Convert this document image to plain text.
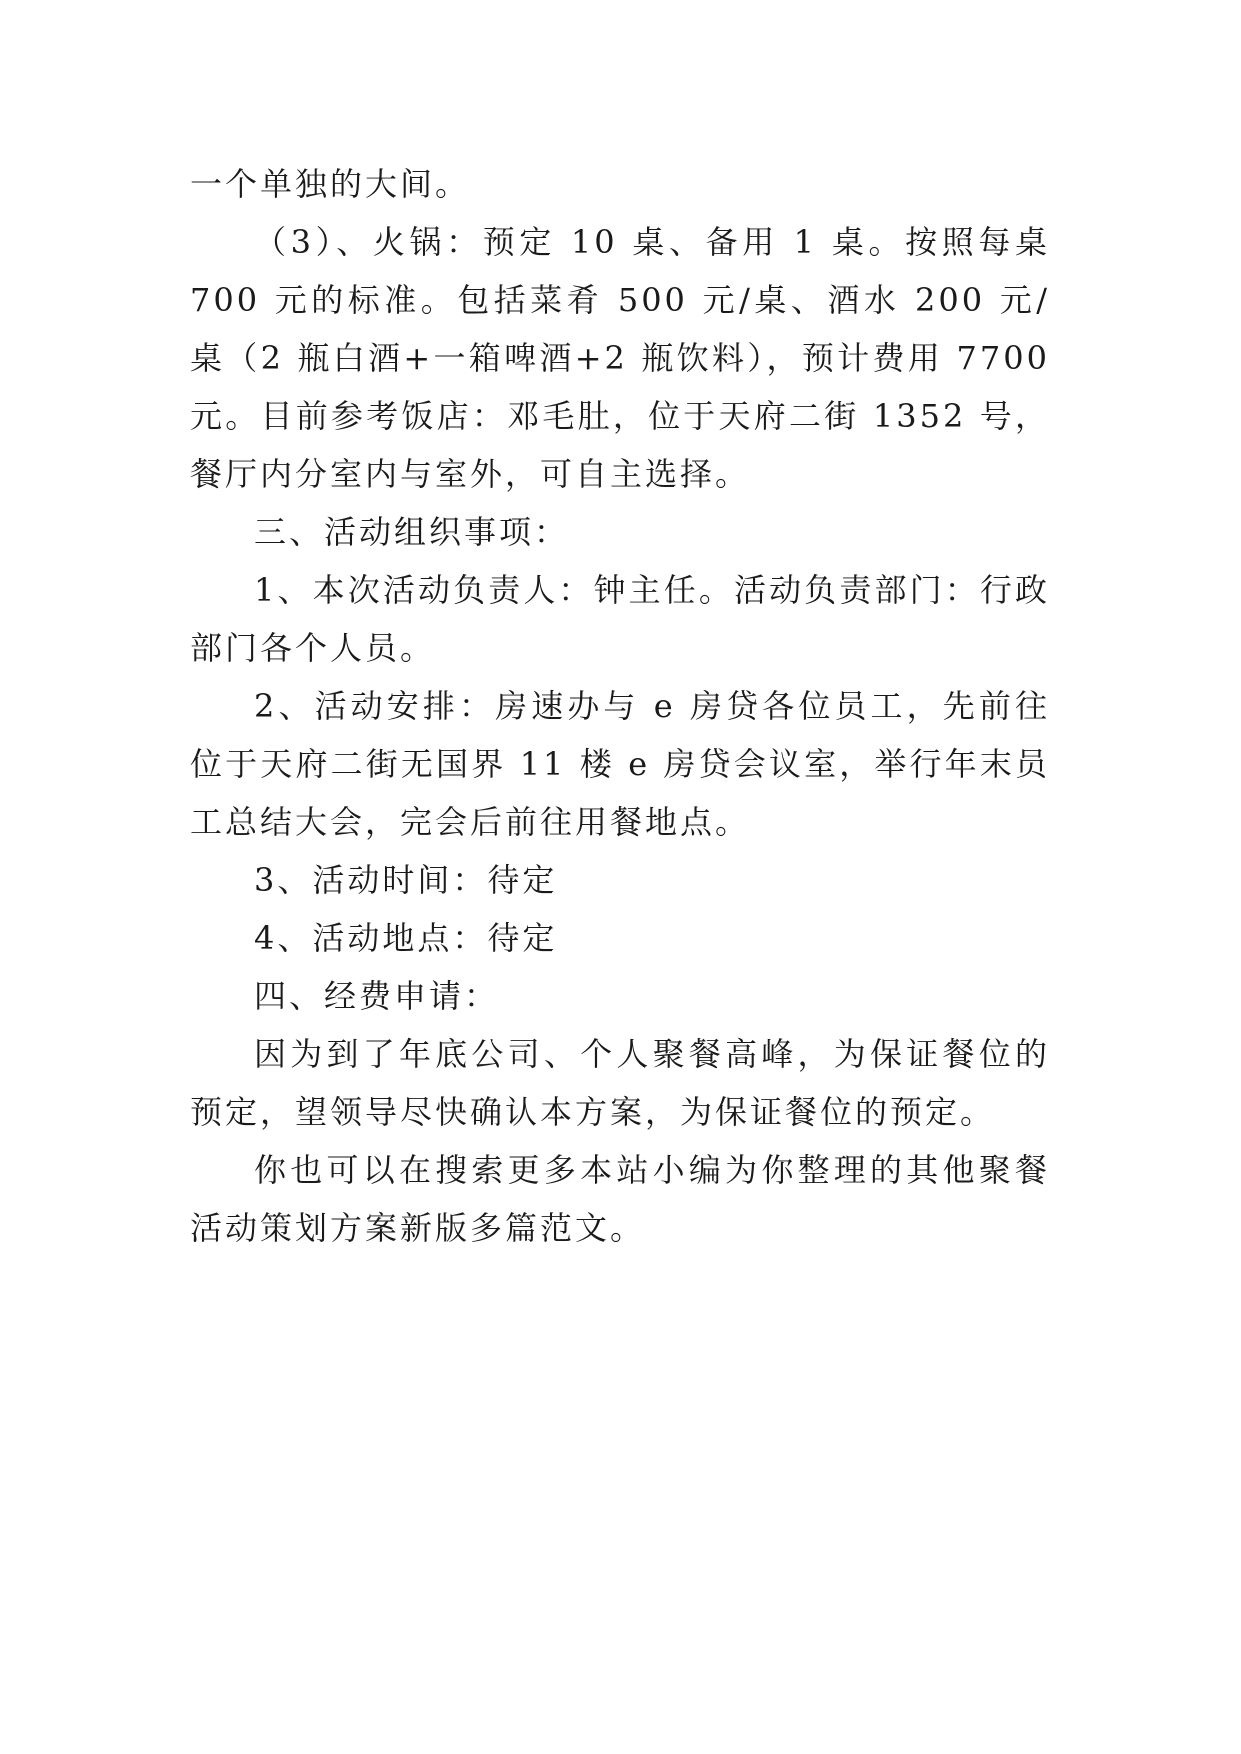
一个单独的大间。

（3）、火锅：预定 10 桌、备用 1 桌。按照每桌 700 元的标准。包括菜肴 500 元/桌、酒水 200 元/桌（2 瓶白酒+一箱啤酒+2 瓶饮料），预计费用 7700 元。目前参考饭店：邓毛肚，位于天府二街 1352 号，餐厅内分室内与室外，可自主选择。

三、活动组织事项：

1、本次活动负责人：钟主任。活动负责部门：行政部门各个人员。

2、活动安排：房速办与 e 房贷各位员工，先前往位于天府二街无国界 11 楼 e 房贷会议室，举行年末员工总结大会，完会后前往用餐地点。

3、活动时间：待定

4、活动地点：待定

四、经费申请：

因为到了年底公司、个人聚餐高峰，为保证餐位的预定，望领导尽快确认本方案，为保证餐位的预定。

你也可以在搜索更多本站小编为你整理的其他聚餐活动策划方案新版多篇范文。
